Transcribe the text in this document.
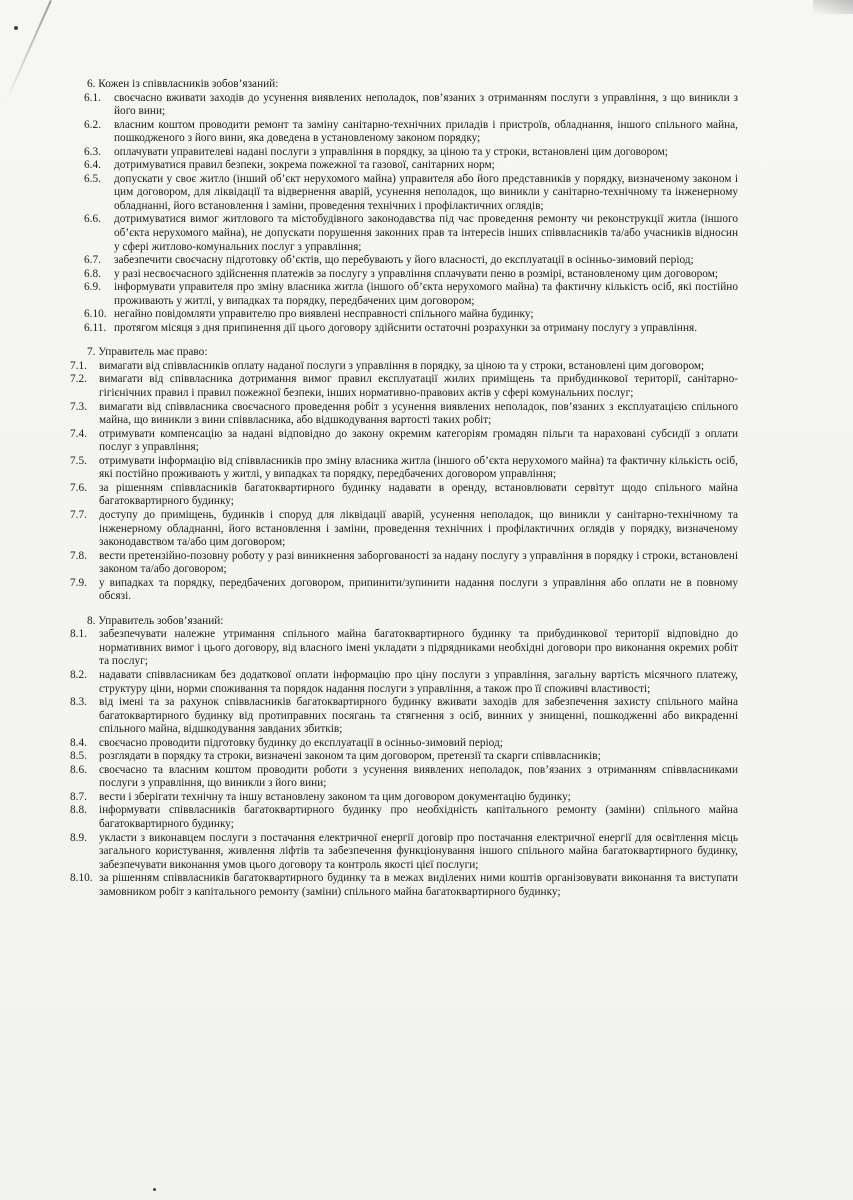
6. Кожен із співвласників зобов’язаний:
6.1. своєчасно вживати заходів до усунення виявлених неполадок, пов’язаних з отриманням послуги з управління, з що виникли з його вини;
6.2. власним коштом проводити ремонт та заміну санітарно-технічних приладів і пристроїв, обладнання, іншого спільного майна, пошкодженого з його вини, яка доведена в установленому законом порядку;
6.3. оплачувати управителеві надані послуги з управління в порядку, за ціною та у строки, встановлені цим договором;
6.4. дотримуватися правил безпеки, зокрема пожежної та газової, санітарних норм;
6.5. допускати у своє житло (інший об’єкт нерухомого майна) управителя або його представників у порядку, визначеному законом і цим договором, для ліквідації та відвернення аварій, усунення неполадок, що виникли у санітарно-технічному та інженерному обладнанні, його встановлення і заміни, проведення технічних і профілактичних оглядів;
6.6. дотримуватися вимог житлового та містобудівного законодавства під час проведення ремонту чи реконструкції житла (іншого об’єкта нерухомого майна), не допускати порушення законних прав та інтересів інших співвласників та/або учасників відносин у сфері житлово-комунальних послуг з управління;
6.7. забезпечити своєчасну підготовку об’єктів, що перебувають у його власності, до експлуатації в осінньо-зимовий період;
6.8. у разі несвоєчасного здійснення платежів за послугу з управління сплачувати пеню в розмірі, встановленому цим договором;
6.9. інформувати управителя про зміну власника житла (іншого об’єкта нерухомого майна) та фактичну кількість осіб, які постійно проживають у житлі, у випадках та порядку, передбачених цим договором;
6.10. негайно повідомляти управителю про виявлені несправності спільного майна будинку;
6.11. протягом місяця з дня припинення дії цього договору здійснити остаточні розрахунки за отриману послугу з управління.
7. Управитель має право:
7.1. вимагати від співвласників оплату наданої послуги з управління в порядку, за ціною та у строки, встановлені цим договором;
7.2. вимагати від співвласника дотримання вимог правил експлуатації жилих приміщень та прибудинкової території, санітарно-гігієнічних правил і правил пожежної безпеки, інших нормативно-правових актів у сфері комунальних послуг;
7.3. вимагати від співвласника своєчасного проведення робіт з усунення виявлених неполадок, пов’язаних з експлуатацією спільного майна, що виникли з вини співвласника, або відшкодування вартості таких робіт;
7.4. отримувати компенсацію за надані відповідно до закону окремим категоріям громадян пільги та нараховані субсидії з оплати послуг з управління;
7.5. отримувати інформацію від співвласників про зміну власника житла (іншого об’єкта нерухомого майна) та фактичну кількість осіб, які постійно проживають у житлі, у випадках та порядку, передбачених договором управління;
7.6. за рішенням співвласників багатоквартирного будинку надавати в оренду, встановлювати сервітут щодо спільного майна багатоквартирного будинку;
7.7. доступу до приміщень, будинків і споруд для ліквідації аварій, усунення неполадок, що виникли у санітарно-технічному та інженерному обладнанні, його встановлення і заміни, проведення технічних і профілактичних оглядів у порядку, визначеному законодавством та/або цим договором;
7.8. вести претензійно-позовну роботу у разі виникнення заборгованості за надану послугу з управління в порядку і строки, встановлені законом та/або договором;
7.9. у випадках та порядку, передбачених договором, припинити/зупинити надання послуги з управління або оплати не в повному обсязі.
8. Управитель зобов’язаний:
8.1. забезпечувати належне утримання спільного майна багатоквартирного будинку та прибудинкової території відповідно до нормативних вимог і цього договору, від власного імені укладати з підрядниками необхідні договори про виконання окремих робіт та послуг;
8.2. надавати співвласникам без додаткової оплати інформацію про ціну послуги з управління, загальну вартість місячного платежу, структуру ціни, норми споживання та порядок надання послуги з управління, а також про її споживчі властивості;
8.3. від імені та за рахунок співвласників багатоквартирного будинку вживати заходів для забезпечення захисту спільного майна багатоквартирного будинку від протиправних посягань та стягнення з осіб, винних у знищенні, пошкодженні або викраденні спільного майна, відшкодування завданих збитків;
8.4. своєчасно проводити підготовку будинку до експлуатації в осінньо-зимовий період;
8.5. розглядати в порядку та строки, визначені законом та цим договором, претензії та скарги співвласників;
8.6. своєчасно та власним коштом проводити роботи з усунення виявлених неполадок, пов’язаних з отриманням співвласниками послуги з управління, що виникли з його вини;
8.7. вести і зберігати технічну та іншу встановлену законом та цим договором документацію будинку;
8.8. інформувати співвласників багатоквартирного будинку про необхідність капітального ремонту (заміни) спільного майна багатоквартирного будинку;
8.9. укласти з виконавцем послуги з постачання електричної енергії договір про постачання електричної енергії для освітлення місць загального користування, живлення ліфтів та забезпечення функціонування іншого спільного майна багатоквартирного будинку, забезпечувати виконання умов цього договору та контроль якості цієї послуги;
8.10. за рішенням співвласників багатоквартирного будинку та в межах виділених ними коштів організовувати виконання та виступати замовником робіт з капітального ремонту (заміни) спільного майна багатоквартирного будинку;
